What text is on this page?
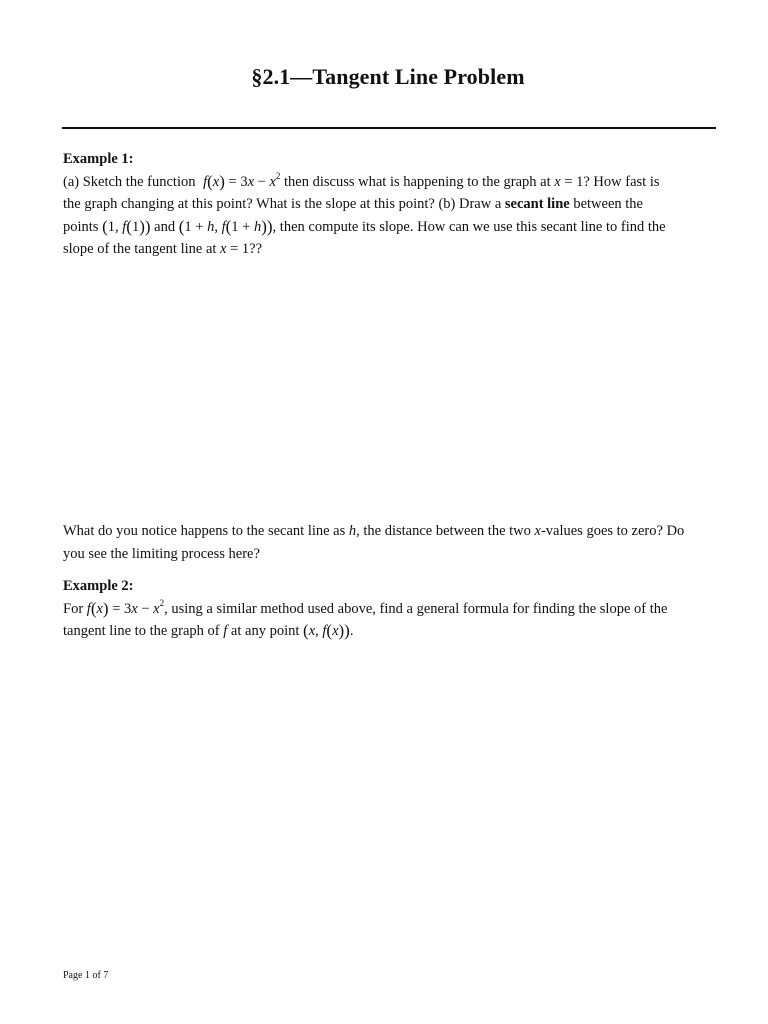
§2.1—Tangent Line Problem
Example 1:
(a) Sketch the function $f(x) = 3x - x^2$ then discuss what is happening to the graph at x = 1? How fast is
the graph changing at this point? What is the slope at this point? (b) Draw a secant line between the
points (1, f(1)) and (1 + h, f(1 + h)), then compute its slope. How can we use this secant line to find the
slope of the tangent line at x = 1??
What do you notice happens to the secant line as h, the distance between the two x-values goes to zero? Do
you see the limiting process here?
Example 2:
For $f(x) = 3x - x^2$, using a similar method used above, find a general formula for finding the slope of the
tangent line to the graph of f at any point (x, f(x)).
Page 1 of 7
